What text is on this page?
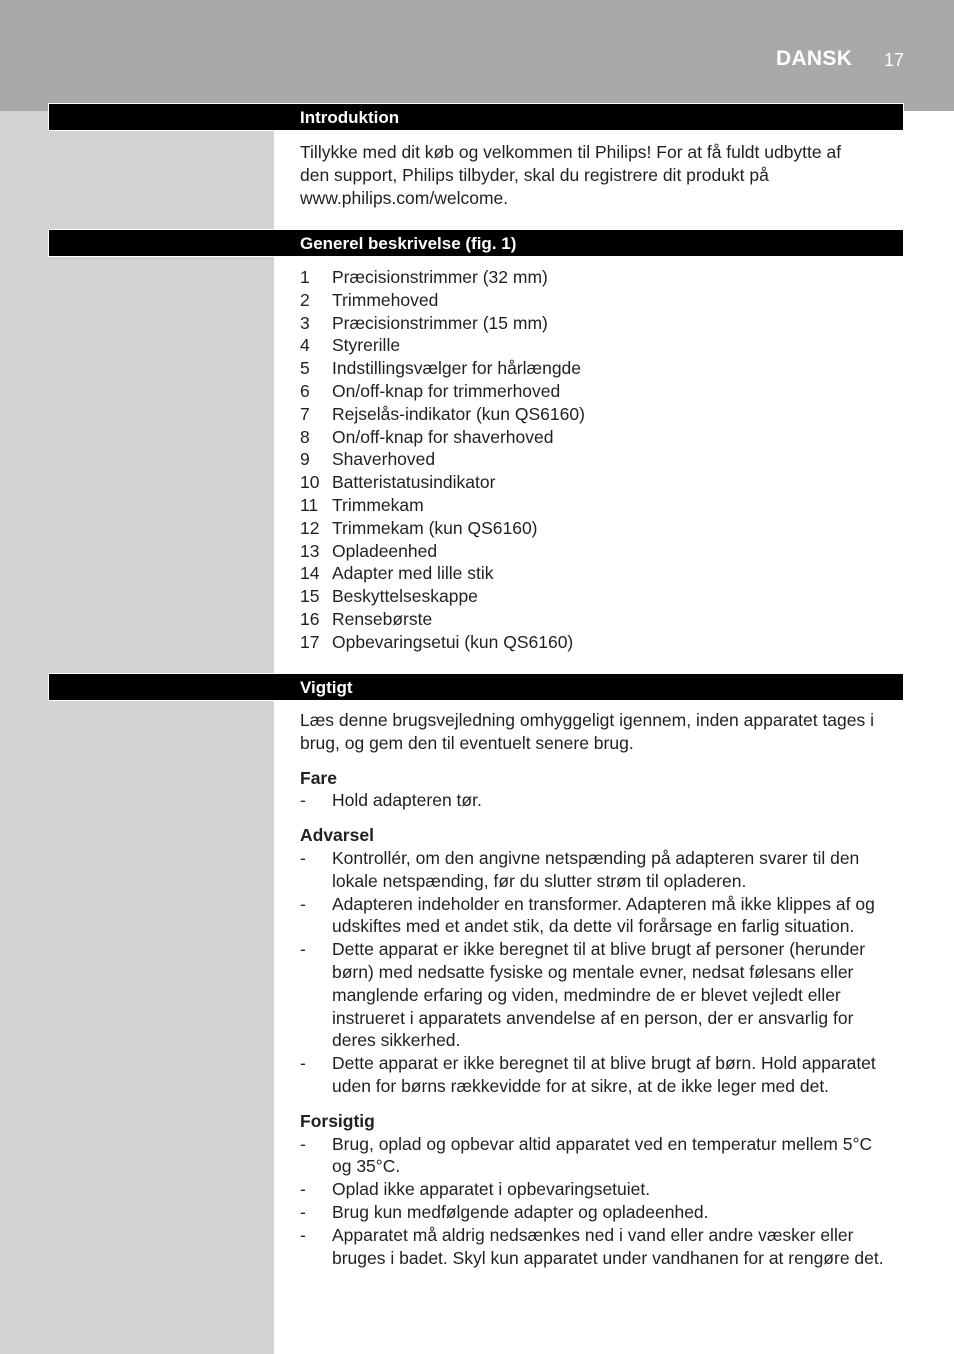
DANSK 17
Introduktion

Tillykke med dit køb og velkommen til Philips! For at få fuldt udbytte af den support, Philips tilbyder, skal du registrere dit produkt på www.philips.com/welcome.

Generel beskrivelse (fig. 1)
1	Præcisionstrimmer (32 mm)
2	Trimmehoved
3	Præcisionstrimmer (15 mm)
4	Styrerille
5	Indstillingsvælger for hårlængde
6	On/off-knap for trimmerhoved
7	Rejselås-indikator (kun QS6160)
8	On/off-knap for shaverhoved
9	Shaverhoved
10 Batteristatusindikator
11 Trimmekam
12 Trimmekam (kun QS6160)
13 Opladeenhed
14 Adapter med lille stik
15 Beskyttelseskappe
16 Rensebørste
17 Opbevaringsetui (kun QS6160)
Vigtigt

Læs denne brugsvejledning omhyggeligt igennem, inden apparatet tages i brug, og gem den til eventuelt senere brug.

Fare
-	Hold adapteren tør.
Advarsel
-	Kontrollér, om den angivne netspænding på adapteren svarer til den lokale netspænding, før du slutter strøm til opladeren.
-	Adapteren indeholder en transformer. Adapteren må ikke klippes af og udskiftes med et andet stik, da dette vil forårsage en farlig situation.
-	Dette apparat er ikke beregnet til at blive brugt af personer (herunder børn) med nedsatte fysiske og mentale evner, nedsat følesans eller manglende erfaring og viden, medmindre de er blevet vejledt eller instrueret i apparatets anvendelse af en person, der er ansvarlig for deres sikkerhed.
-	Dette apparat er ikke beregnet til at blive brugt af børn. Hold apparatet uden for børns rækkevidde for at sikre, at de ikke leger med det.
Forsigtig
-	Brug, oplad og opbevar altid apparatet ved en temperatur mellem 5°C og 35°C.
-	Oplad ikke apparatet i opbevaringsetuiet.
-	Brug kun medfølgende adapter og opladeenhed.
-	Apparatet må aldrig nedsænkes ned i vand eller andre væsker eller bruges i badet. Skyl kun apparatet under vandhanen for at rengøre det.
